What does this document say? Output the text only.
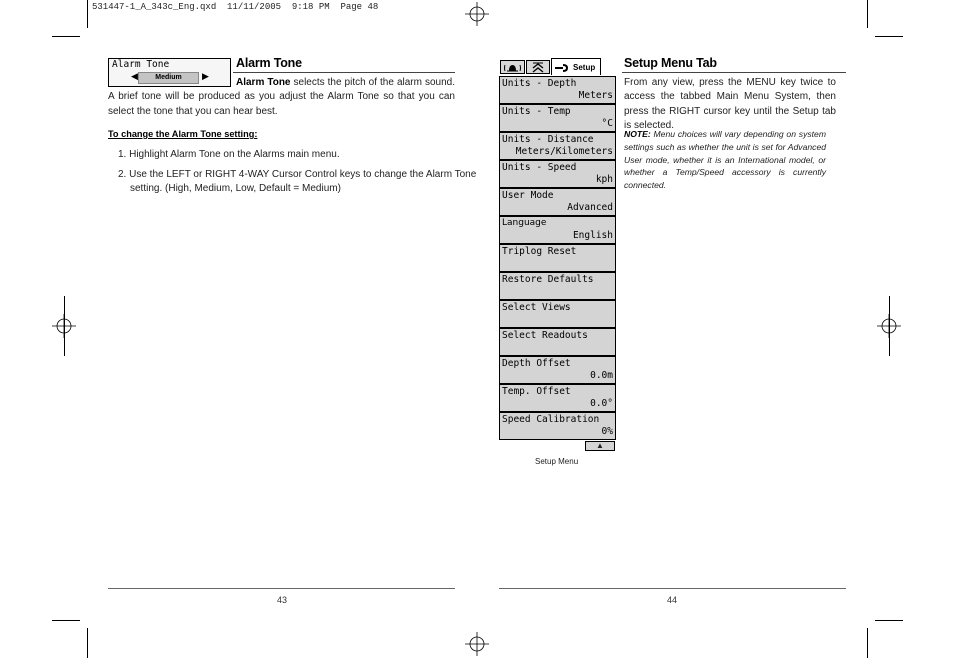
531447-1_A_343c_Eng.qxd  11/11/2005  9:18 PM  Page 48
Alarm Tone
◀	Medium	▶
Alarm Tone

Alarm Tone selects the pitch of the alarm sound. A brief tone will be produced as you adjust the Alarm Tone so that you can select the tone that you can hear best.

To change the Alarm Tone setting:
1. Highlight Alarm Tone on the Alarms main menu.
2. Use the LEFT or RIGHT 4-WAY Cursor Control keys to change the Alarm Tone
setting. (High, Medium, Low, Default = Medium)
43
Setup
Units - Depth
Meters
Units - Temp
°C
Units - Distance
Meters/Kilometers
Units - Speed
kph
User Mode
Advanced
Language
English
Triplog Reset
Restore Defaults
Select Views
Select Readouts
Depth Offset
0.0m
Temp. Offset
0.0°
Speed Calibration
0%
▲
Setup Menu
Setup Menu Tab

From any view, press the MENU key twice to access the tabbed Main Menu System, then press the RIGHT cursor key until the Setup tab is selected.

NOTE: Menu choices will vary depending on system settings such as whether the unit is set for Advanced User mode, whether it is an International model, or whether a Temp/Speed accessory is currently connected.

44
